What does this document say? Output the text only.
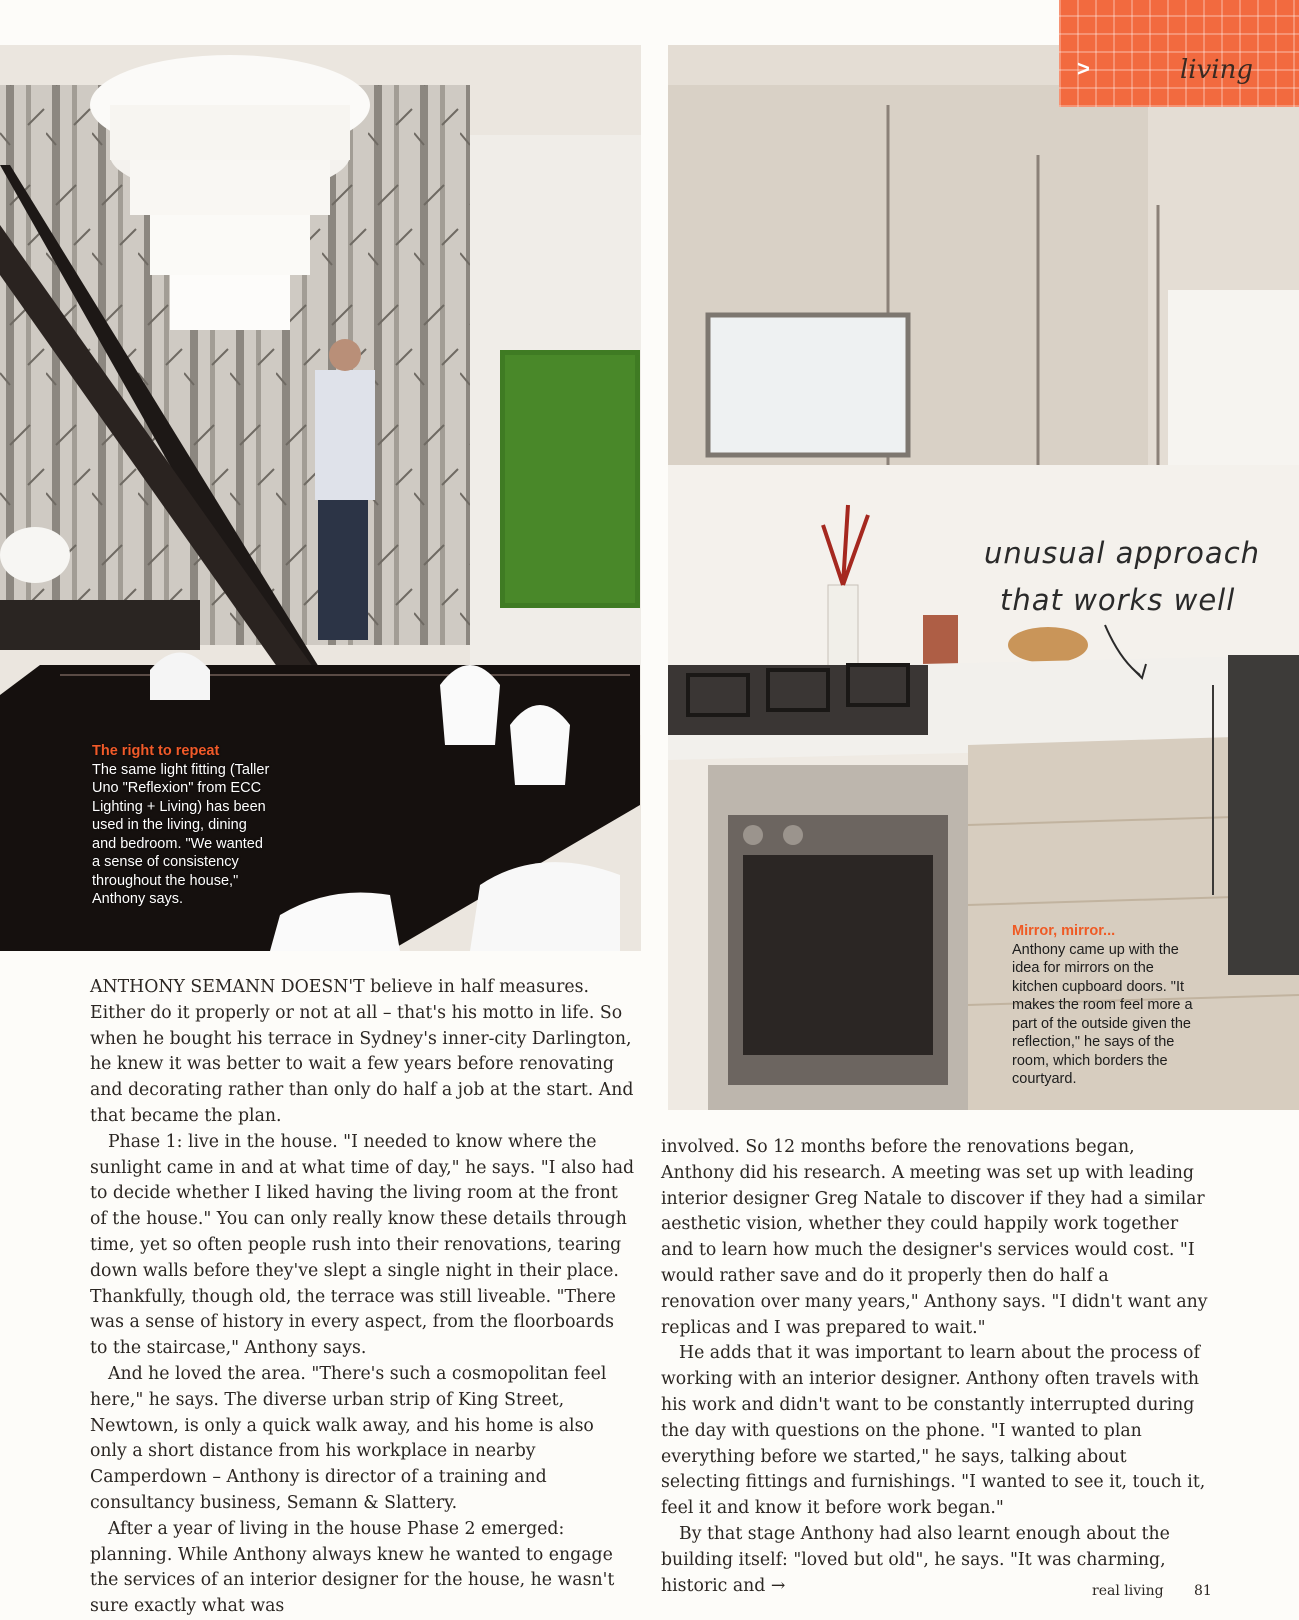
The right to repeat
The same light fitting (Taller Uno "Reflexion" from ECC Lighting + Living) has been used in the living, dining and bedroom. "We wanted a sense of consistency throughout the house," Anthony says.
Mirror, mirror...
Anthony came up with the idea for mirrors on the kitchen cupboard doors. "It makes the room feel more a part of the outside given the reflection," he says of the room, which borders the courtyard.
>	living
unusual approach
that works well

ANTHONY SEMANN DOESN'T believe in half measures. Either do it properly or not at all – that's his motto in life. So when he bought his terrace in Sydney's inner-city Darlington, he knew it was better to wait a few years before renovating and decorating rather than only do half a job at the start. And that became the plan.

Phase 1: live in the house. "I needed to know where the sunlight came in and at what time of day," he says. "I also had to decide whether I liked having the living room at the front of the house." You can only really know these details through time, yet so often people rush into their renovations, tearing down walls before they've slept a single night in their place. Thankfully, though old, the terrace was still liveable. "There was a sense of history in every aspect, from the floorboards to the staircase," Anthony says.

And he loved the area. "There's such a cosmopolitan feel here," he says. The diverse urban strip of King Street, Newtown, is only a quick walk away, and his home is also only a short distance from his workplace in nearby Camperdown – Anthony is director of a training and consultancy business, Semann & Slattery.

After a year of living in the house Phase 2 emerged: planning. While Anthony always knew he wanted to engage the services of an interior designer for the house, he wasn't sure exactly what was

involved. So 12 months before the renovations began, Anthony did his research. A meeting was set up with leading interior designer Greg Natale to discover if they had a similar aesthetic vision, whether they could happily work together and to learn how much the designer's services would cost. "I would rather save and do it properly then do half a renovation over many years," Anthony says. "I didn't want any replicas and I was prepared to wait."

He adds that it was important to learn about the process of working with an interior designer. Anthony often travels with his work and didn't want to be constantly interrupted during the day with questions on the phone. "I wanted to plan everything before we started," he says, talking about selecting fittings and furnishings. "I wanted to see it, touch it, feel it and know it before work began."

By that stage Anthony had also learnt enough about the building itself: "loved but old", he says. "It was charming, historic and →	real living 81
